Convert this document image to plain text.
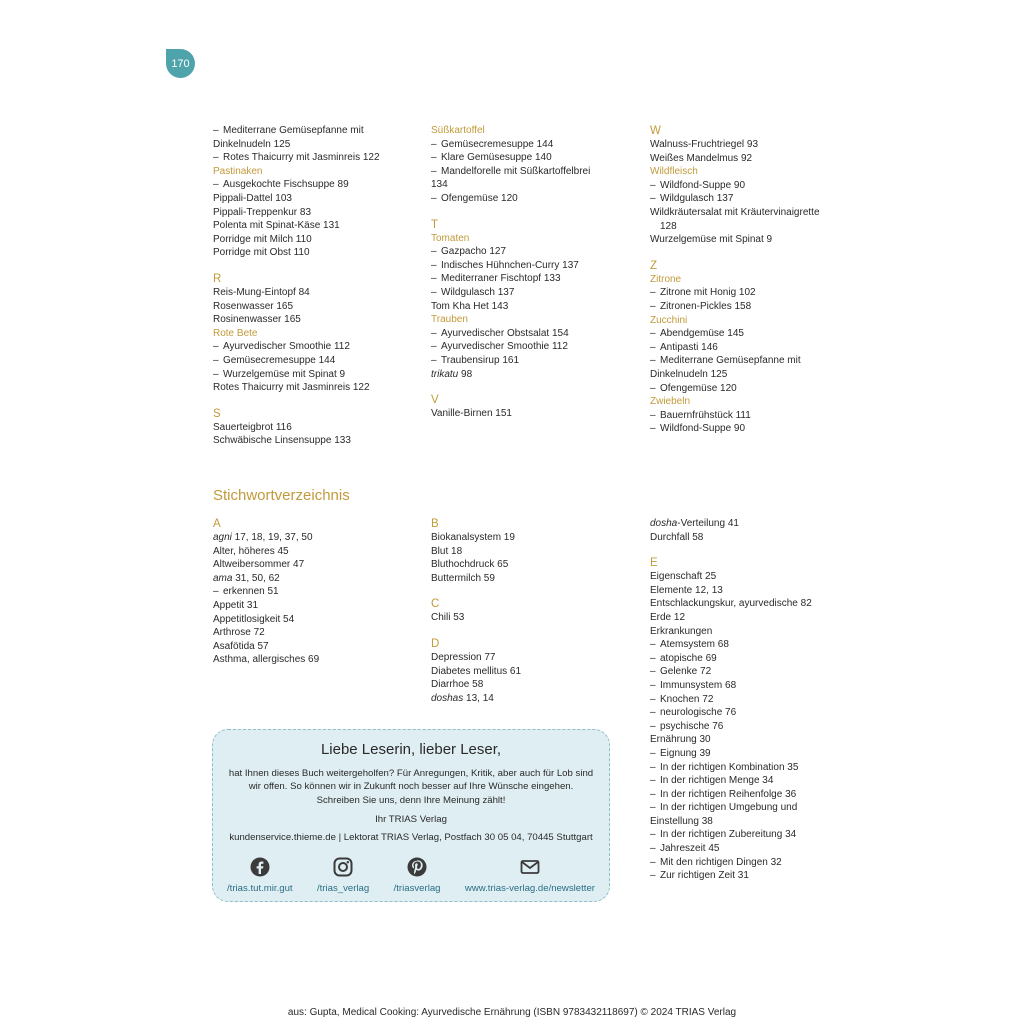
170
– Mediterrane Gemüsepfanne mit
Dinkelnudeln 125
– Rotes Thaicurry mit Jasminreis 122
Pastinaken
– Ausgekochte Fischsuppe 89
Pippali-Dattel 103
Pippali-Treppenkur 83
Polenta mit Spinat-Käse 131
Porridge mit Milch 110
Porridge mit Obst 110
R
Reis-Mung-Eintopf 84
Rosenwasser 165
Rosinenwasser 165
Rote Bete
– Ayurvedischer Smoothie 112
– Gemüsecremesuppe 144
– Wurzelgemüse mit Spinat 9
Rotes Thaicurry mit Jasminreis 122
S
Sauerteigbrot 116
Schwäbische Linsensuppe 133
Süßkartoffel
– Gemüsecremesuppe 144
– Klare Gemüsesuppe 140
– Mandelforelle mit Süßkartoffelbrei
134
– Ofengemüse 120
T
Tomaten
– Gazpacho 127
– Indisches Hühnchen-Curry 137
– Mediterraner Fischtopf 133
– Wildgulasch 137
Tom Kha Het 143
Trauben
– Ayurvedischer Obstsalat 154
– Ayurvedischer Smoothie 112
– Traubensirup 161
trikatu 98
V
Vanille-Birnen 151
W
Walnuss-Fruchtriegel 93
Weißes Mandelmus 92
Wildfleisch
– Wildfond-Suppe 90
– Wildgulasch 137
Wildkräutersalat mit Kräutervinaigrette
128
Wurzelgemüse mit Spinat 9
Z
Zitrone
– Zitrone mit Honig 102
– Zitronen-Pickles 158
Zucchini
– Abendgemüse 145
– Antipasti 146
– Mediterrane Gemüsepfanne mit
Dinkelnudeln 125
– Ofengemüse 120
Zwiebeln
– Bauernfrühstück 111
– Wildfond-Suppe 90
Stichwortverzeichnis
A
agni 17, 18, 19, 37, 50
Alter, höheres 45
Altweibersommer 47
ama 31, 50, 62
– erkennen 51
Appetit 31
Appetitlosigkeit 54
Arthrose 72
Asafötida 57
Asthma, allergisches 69
B
Biokanalsystem 19
Blut 18
Bluthochdruck 65
Buttermilch 59
C
Chili 53
D
Depression 77
Diabetes mellitus 61
Diarrhoe 58
doshas 13, 14
dosha-Verteilung 41
Durchfall 58
E
Eigenschaft 25
Elemente 12, 13
Entschlackungskur, ayurvedische 82
Erde 12
Erkrankungen
– Atemsystem 68
– atopische 69
– Gelenke 72
– Immunsystem 68
– Knochen 72
– neurologische 76
– psychische 76
Ernährung 30
– Eignung 39
– In der richtigen Kombination 35
– In der richtigen Menge 34
– In der richtigen Reihenfolge 36
– In der richtigen Umgebung und
Einstellung 38
– In der richtigen Zubereitung 34
– Jahreszeit 45
– Mit den richtigen Dingen 32
– Zur richtigen Zeit 31
Liebe Leserin, lieber Leser,
hat Ihnen dieses Buch weitergeholfen? Für Anregungen, Kritik, aber auch für Lob sind wir offen. So können wir in Zukunft noch besser auf Ihre Wünsche eingehen. Schreiben Sie uns, denn Ihre Meinung zählt!
Ihr TRIAS Verlag
kundenservice.thieme.de | Lektorat TRIAS Verlag, Postfach 30 05 04, 70445 Stuttgart
/trias.tut.mir.gut	/trias_verlag	/triasverlag	www.trias-verlag.de/newsletter
aus: Gupta, Medical Cooking: Ayurvedische Ernährung (ISBN 9783432118697) © 2024 TRIAS Verlag
